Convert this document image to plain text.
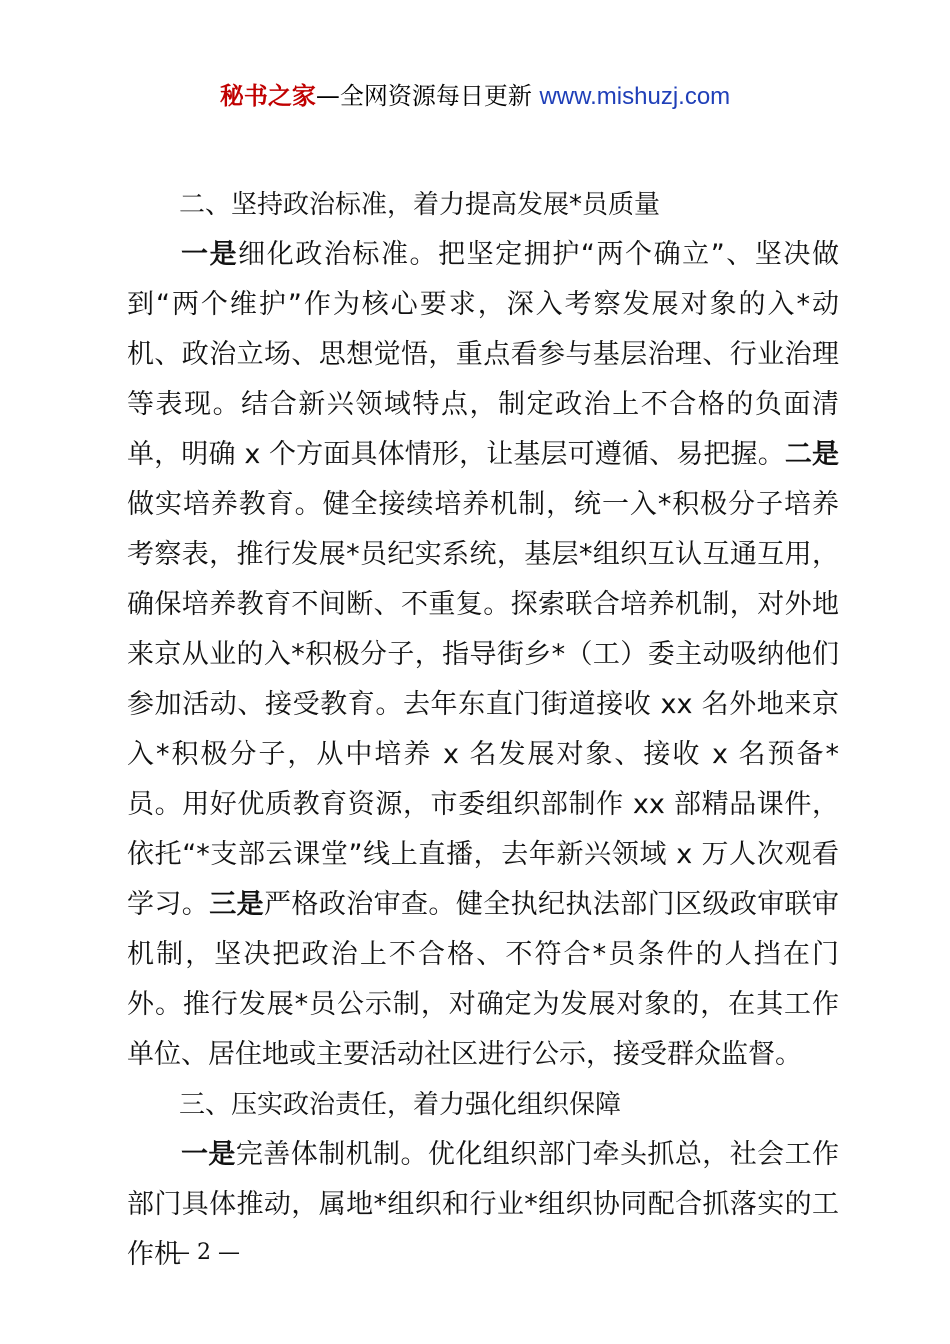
秘书之家—全网资源每日更新 www.mishuzj.com

二、坚持政治标准，着力提高发展*员质量

一是细化政治标准。把坚定拥护“两个确立”、坚决做到“两个维护”作为核心要求，深入考察发展对象的入*动机、政治立场、思想觉悟，重点看参与基层治理、行业治理等表现。结合新兴领域特点，制定政治上不合格的负面清单，明确 x 个方面具体情形，让基层可遵循、易把握。二是做实培养教育。健全接续培养机制，统一入*积极分子培养考察表，推行发展*员纪实系统，基层*组织互认互通互用，确保培养教育不间断、不重复。探索联合培养机制，对外地来京从业的入*积极分子，指导街乡*（工）委主动吸纳他们参加活动、接受教育。去年东直门街道接收 xx 名外地来京入*积极分子，从中培养 x 名发展对象、接收 x 名预备*员。用好优质教育资源，市委组织部制作 xx 部精品课件，依托“*支部云课堂”线上直播，去年新兴领域 x 万人次观看学习。三是严格政治审查。健全执纪执法部门区级政审联审机制，坚决把政治上不合格、不符合*员条件的人挡在门外。推行发展*员公示制，对确定为发展对象的，在其工作单位、居住地或主要活动社区进行公示，接受群众监督。

三、压实政治责任，着力强化组织保障

一是完善体制机制。优化组织部门牵头抓总，社会工作部门具体推动，属地*组织和行业*组织协同配合抓落实的工作机

— 2 —
